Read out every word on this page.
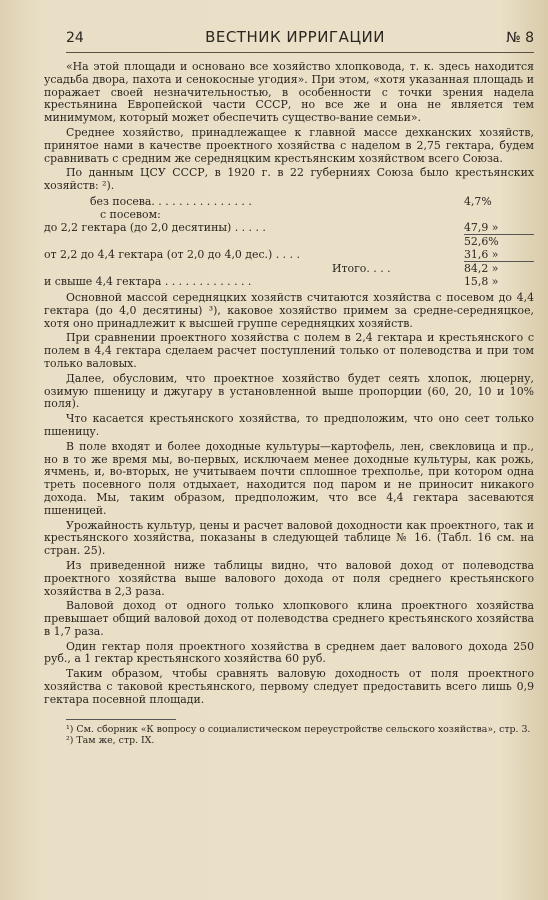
24	ВЕСТНИК ИРРИГАЦИИ	№ 8

«На этой площади и основано все хозяйство хлопковода, т. к. здесь находится усадьба двора, пахота и сенокосные угодия». При этом, «хотя указанная площадь и поражает своей незначительностью, в особенности с точки зрения надела крестьянина Европейской части СССР, но все же и она не является тем минимумом, который может обеспечить существо-вание семьи».

Среднее хозяйство, принадлежащее к главной массе дехканских хозяйств, принятое нами в качестве проектного хозяйства с наделом в 2,75 гектара, будем сравнивать с средним же середняцким крестьянским хозяйством всего Союза.

По данным ЦСУ СССР, в 1920 г. в 22 губерниях Союза было крестьянских хозяйств: ²).

без посева. . . . . . . . . . . . . . .	4,7%
с посевом:
до 2,2 гектара (до 2,0 десятины) . . . . .	47,9 »
52,6%
от 2,2 до 4,4 гектара (от 2,0 до 4,0 дес.) . . . .	31,6 »
Итого. . . .	84,2 »
и свыше 4,4 гектара . . . . . . . . . . . . .	15,8 »

Основной массой середняцких хозяйств считаются хозяйства с посевом до 4,4 гектара (до 4,0 десятины) ³), каковое хозяйство примем за средне-середняцкое, хотя оно принадлежит к высшей группе середняцких хозяйств.

При сравнении проектного хозяйства с полем в 2,4 гектара и крестьянского с полем в 4,4 гектара сделаем расчет поступлений только от полеводства и при том только валовых.

Далее, обусловим, что проектное хозяйство будет сеять хлопок, люцерну, озимую пшеницу и джугару в установленной выше пропорции (60, 20, 10 и 10% поля).

Что касается крестьянского хозяйства, то предположим, что оно сеет только пшеницу.

В поле входят и более доходные культуры—картофель, лен, свекловица и пр., но в то же время мы, во-первых, исключаем менее доходные культуры, как рожь, ячмень, и, во-вторых, не учитываем почти сплошное трехполье, при котором одна треть посевного поля отдыхает, находится под паром и не приносит никакого дохода. Мы, таким образом, предположим, что все 4,4 гектара засеваются пшеницей.

Урожайность культур, цены и расчет валовой доходности как проектного, так и крестьянского хозяйства, показаны в следующей таблице № 16. (Табл. 16 см. на стран. 25).

Из приведенной ниже таблицы видно, что валовой доход от полеводства проектного хозяйства выше валового дохода от поля среднего крестьянского хозяйства в 2,3 раза.

Валовой доход от одного только хлопкового клина проектного хозяйства превышает общий валовой доход от полеводства среднего крестьянского хозяйства в 1,7 раза.

Один гектар поля проектного хозяйства в среднем дает валового дохода 250 руб., а 1 гектар крестьянского хозяйства 60 руб.

Таким образом, чтобы сравнять валовую доходность от поля проектного хозяйства с таковой крестьянского, первому следует предоставить всего лишь 0,9 гектара посевной площади.

¹) См. сборник «К вопросу о социалистическом переустройстве сельского хозяйства», стр. 3.

²) Там же, стр. IX.
